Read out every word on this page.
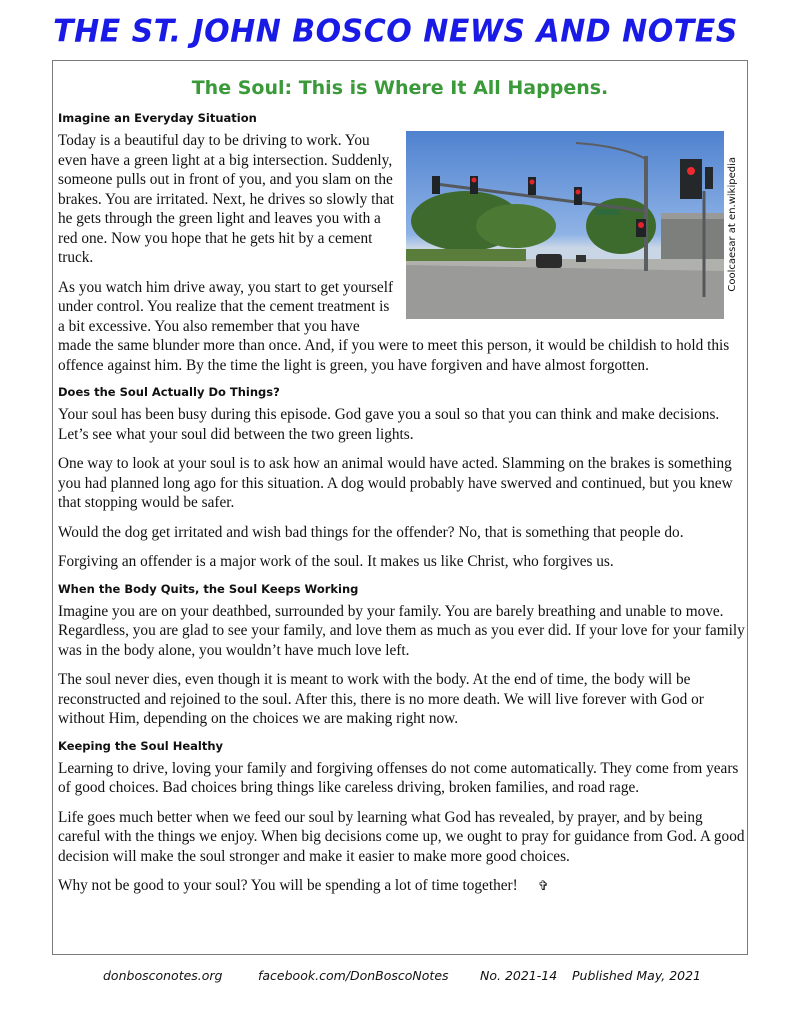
THE ST. JOHN BOSCO NEWS AND NOTES
The Soul: This is Where It All Happens.
Imagine an Everyday Situation
Coolcaesar at en.wikipedia

Today is a beautiful day to be driving to work. You even have a green light at a big intersection. Suddenly, someone pulls out in front of you, and you slam on the brakes. You are irritated. Next, he drives so slowly that he gets through the green light and leaves you with a red one. Now you hope that he gets hit by a cement truck.

As you watch him drive away, you start to get yourself under control. You realize that the cement treatment is a bit excessive. You also remember that you have made the same blunder more than once. And, if you were to meet this person, it would be childish to hold this offence against him. By the time the light is green, you have forgiven and have almost forgotten.

Does the Soul Actually Do Things?

Your soul has been busy during this episode. God gave you a soul so that you can think and make decisions. Let’s see what your soul did between the two green lights.

One way to look at your soul is to ask how an animal would have acted. Slamming on the brakes is something you had planned long ago for this situation. A dog would probably have swerved and continued, but you knew that stopping would be safer.

Would the dog get irritated and wish bad things for the offender? No, that is something that people do.

Forgiving an offender is a major work of the soul. It makes us like Christ, who forgives us.

When the Body Quits, the Soul Keeps Working

Imagine you are on your deathbed, surrounded by your family. You are barely breathing and unable to move. Regardless, you are glad to see your family, and love them as much as you ever did. If your love for your family was in the body alone, you wouldn’t have much love left.

The soul never dies, even though it is meant to work with the body. At the end of time, the body will be reconstructed and rejoined to the soul. After this, there is no more death. We will live forever with God or without Him, depending on the choices we are making right now.

Keeping the Soul Healthy

Learning to drive, loving your family and forgiving offenses do not come automatically. They come from years of good choices. Bad choices bring things like careless driving, broken families, and road rage.

Life goes much better when we feed our soul by learning what God has revealed, by prayer, and by being careful with the things we enjoy. When big decisions come up, we ought to pray for guidance from God. A good decision will make the soul stronger and make it easier to make more good choices.

Why not be good to your soul? You will be spending a lot of time together! ✞

donbosconotes.org	facebook.com/DonBoscoNotes	No. 2021-14 Published May, 2021
